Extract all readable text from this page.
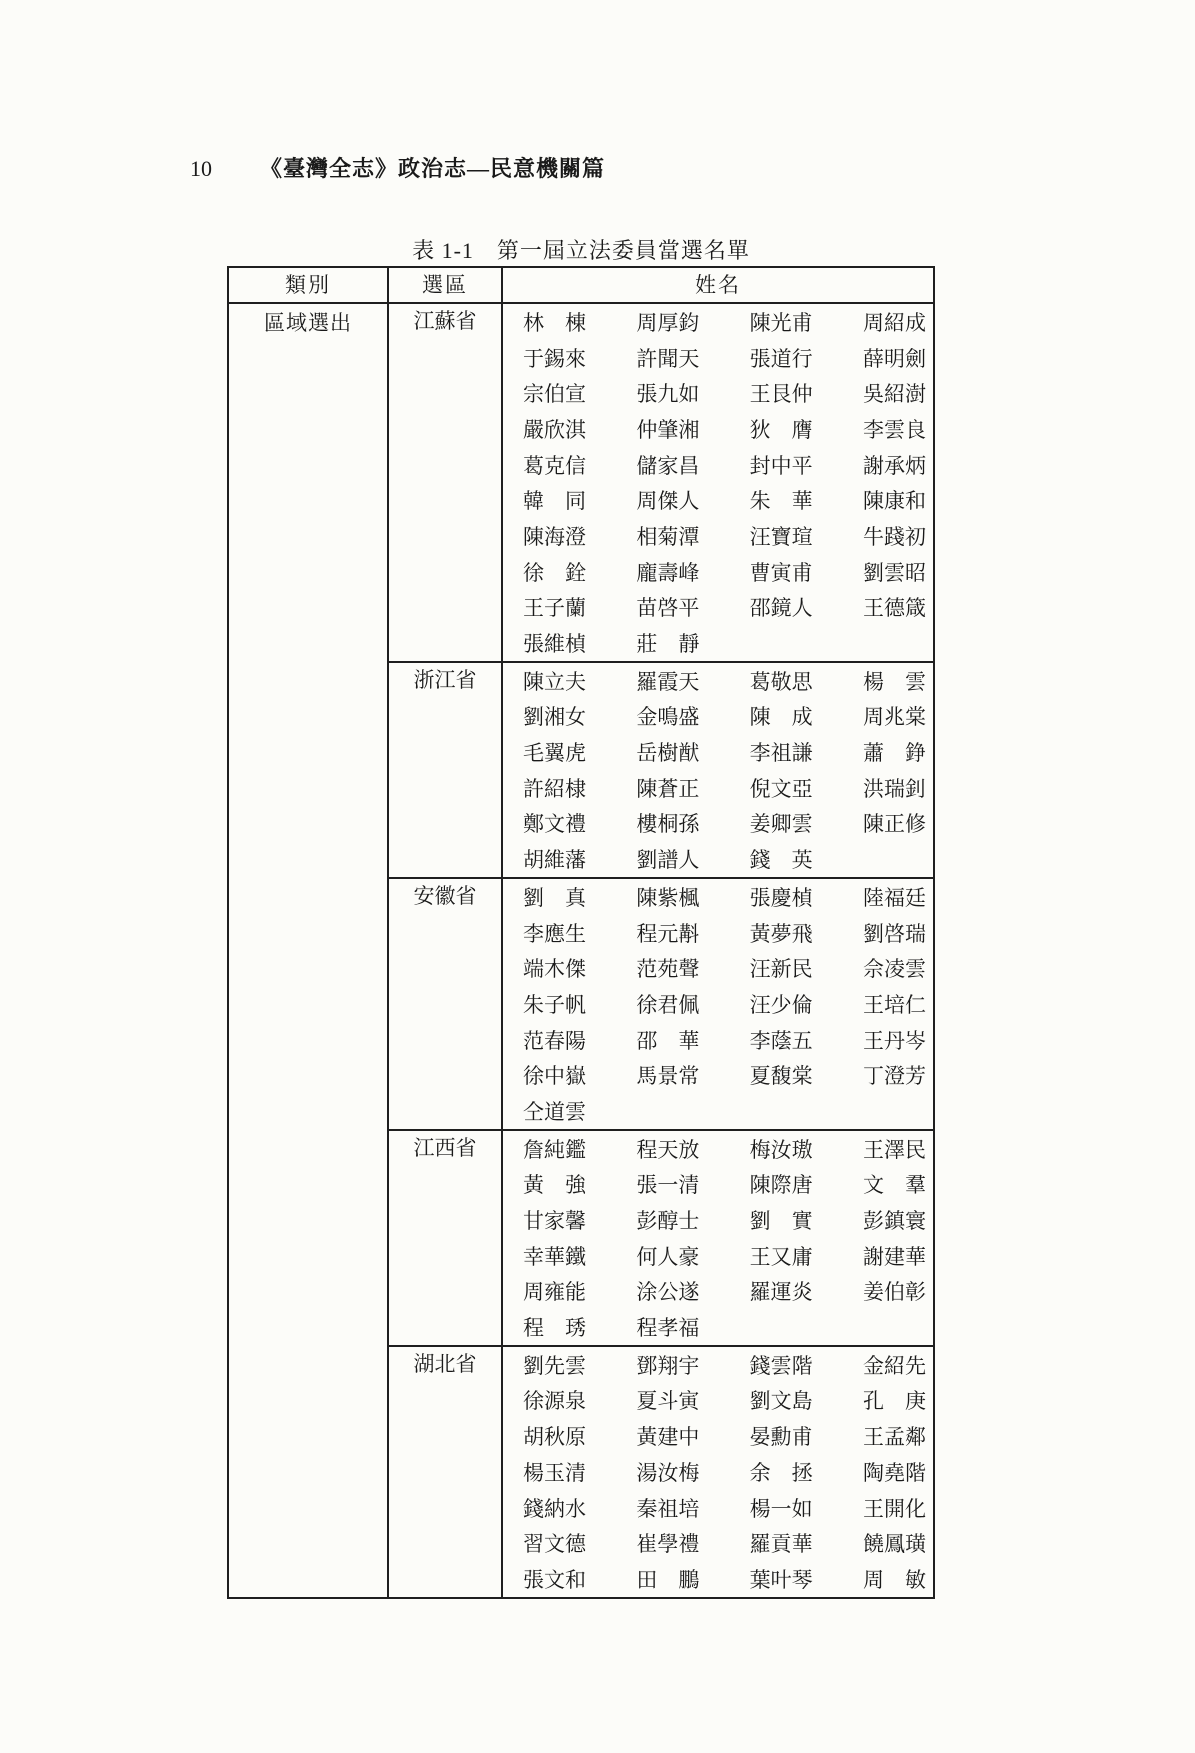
10 《臺灣全志》政治志—民意機關篇
表 1-1　第一屆立法委員當選名單
類別	選區	姓名
區域選出	江蘇省	林　棟 周厚鈞 陳光甫 周紹成
于錫來 許聞天 張道行 薛明劍
宗伯宣 張九如 王艮仲 吳紹澍
嚴欣淇 仲肇湘 狄　膺 李雲良
葛克信 儲家昌 封中平 謝承炳
韓　同 周傑人 朱　華 陳康和
陳海澄 相菊潭 汪寶瑄 牛踐初
徐　銓 龐壽峰 曹寅甫 劉雲昭
王子蘭 苗啓平 邵鏡人 王德箴
張維楨 莊　靜
浙江省	陳立夫 羅霞天 葛敬思 楊　雲
劉湘女 金鳴盛 陳　成 周兆棠
毛翼虎 岳樹猷 李祖謙 蕭　錚
許紹棣 陳蒼正 倪文亞 洪瑞釗
鄭文禮 樓桐孫 姜卿雲 陳正修
胡維藩 劉譜人 錢　英
安徽省	劉　真 陳紫楓 張慶楨 陸福廷
李應生 程元斠 黃夢飛 劉啓瑞
端木傑 范苑聲 汪新民 佘凌雲
朱子帆 徐君佩 汪少倫 王培仁
范春陽 邵　華 李蔭五 王丹岑
徐中嶽 馬景常 夏馥棠 丁澄芳
仝道雲
江西省	詹純鑑 程天放 梅汝璈 王澤民
黃　強 張一清 陳際唐 文　羣
甘家馨 彭醇士 劉　實 彭鎮寰
幸華鐵 何人豪 王又庸 謝建華
周雍能 涂公遂 羅運炎 姜伯彰
程　琇 程孝福
湖北省	劉先雲 鄧翔宇 錢雲階 金紹先
徐源泉 夏斗寅 劉文島 孔　庚
胡秋原 黃建中 晏勳甫 王孟鄰
楊玉清 湯汝梅 余　拯 陶堯階
錢納水 秦祖培 楊一如 王開化
習文德 崔學禮 羅貢華 饒鳳璜
張文和 田　鵬 葉叶琴 周　敏
